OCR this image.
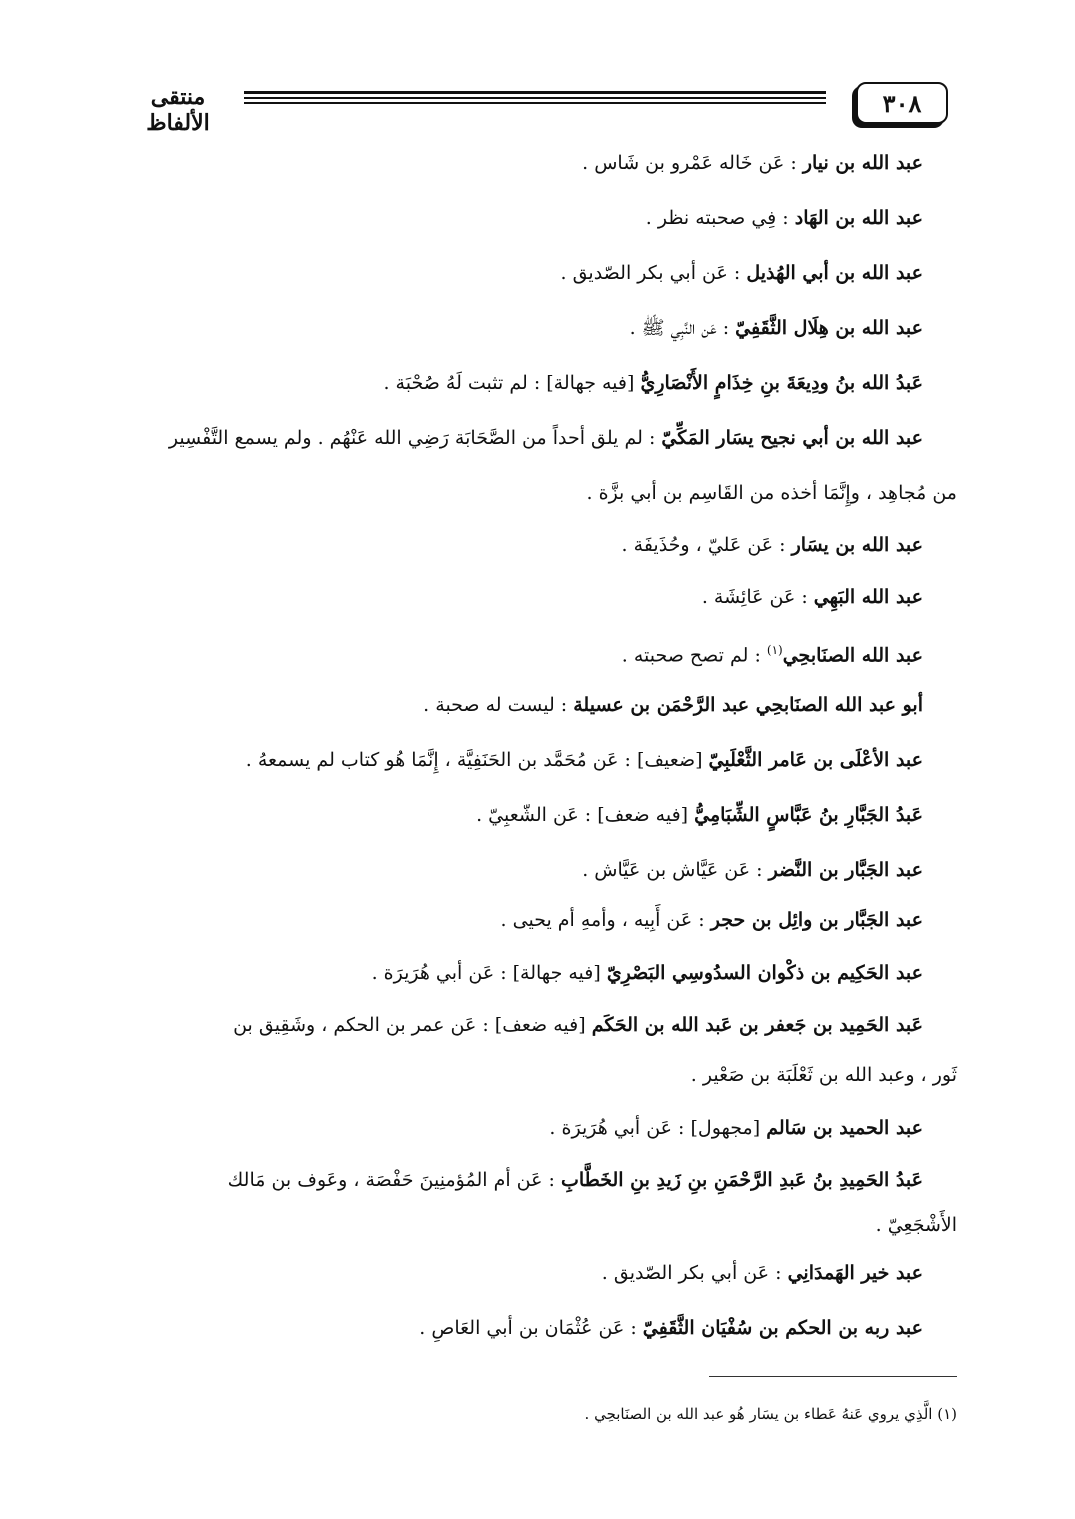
٣٠٨
منتقى الألفاظ
عبد الله بن نيار : عَن خَاله عَمْرو بن شَاس .
عبد الله بن الهَاد : فِي صحبته نظر .
عبد الله بن أبي الهُذيل : عَن أبي بكر الصّديق .
عبد الله بن هِلَال الثَّقَفِيّ : عَن النَّبِي ﷺ .
عَبدُ الله بنُ ودِيعَةَ بنِ خِذَامٍ الأَنْصَارِيُّ [فيه جهالة] : لم تثبت لَهُ صُحْبَة .
عبد الله بن أبي نجيح يسَار المَكِّيّ : لم يلق أحداً من الصَّحَابَة رَضِي الله عَنْهُم . ولم يسمع التَّفْسِير
من مُجاهِد ، وإِنَّمَا أخذه من القَاسِم بن أبي بزَّة .
عبد الله بن يسَار : عَن عَليّ ، وحُذَيفَة .
عبد الله البَهِي : عَن عَائِشَة .
عبد الله الصنَابحِي$^{(١)}$ : لم تصح صحبته .
أبو عبد الله الصنَابحِي عبد الرَّحْمَن بن عسيلة : ليست له صحبة .
عبد الأعْلَى بن عَامر الثَّعْلَبِيّ [ضعيف] : عَن مُحَمَّد بن الحَنَفِيَّة ، إِنَّمَا هُو كتاب لم يسمعهُ .
عَبدُ الجَبَّارِ بنُ عَبَّاسٍ الشِّبَامِيُّ [فيه ضعف] : عَن الشّعبِيّ .
عبد الجَبَّار بن النَّضر : عَن عَيَّاش بن عَيَّاش .
عبد الجَبَّار بن وائِل بن حجر : عَن أَبِيه ، وأمهِ أم يحيى .
عبد الحَكِيم بن ذكْوان السدُوسِي البَصْرِيّ [فيه جهالة] : عَن أبي هُرَيرَة .
عَبد الحَمِيد بن جَعفر بن عَبد الله بن الحَكَم [فيه ضعف] : عَن عمر بن الحكم ، وشَقِيق بن
ثَور ، وعبد الله بن ثَعْلَبَة بن صَعْير .
عبد الحميد بن سَالم [مجهول] : عَن أبي هُرَيرَة .
عَبدُ الحَمِيدِ بنُ عَبدِ الرَّحْمَنِ بنِ زَيدِ بنِ الخَطَّابِ : عَن أم المُؤمنِينَ حَفْصَة ، وعَوف بن مَالك
الأَشْجَعِيّ .
عبد خير الهَمدَانِي : عَن أبي بكر الصّديق .
عبد ربه بن الحكم بن سُفْيَان الثَّقَفِيّ : عَن عُثْمَان بن أبي العَاصِ .
(١) الَّذِي يروي عَنهُ عَطاء بن يسَار هُو عبد الله بن الصنَابحِي .
